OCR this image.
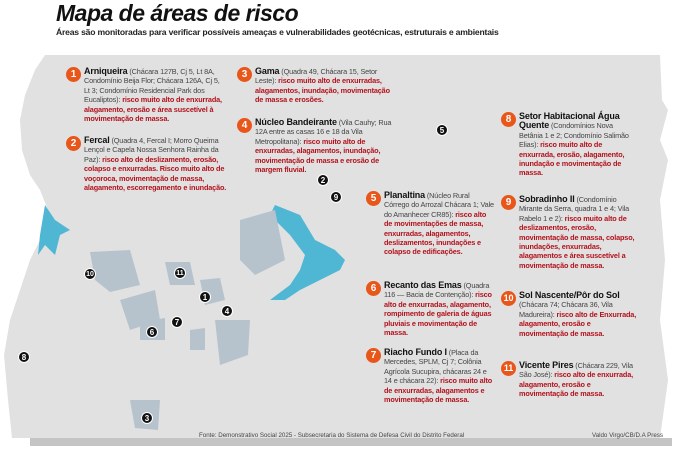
Mapa de áreas de risco
Áreas são monitoradas para verificar possíveis ameaças e vulnerabilidades geotécnicas, estruturais e ambientais
1
2
3
4
5
6
7
8
9
10	11
1 Arniqueira (Chácara 127B, Cj 5, Lt 8A, Condomínio Beija Flor; Chácara 126A, Cj 5, Lt 3; Condomínio Residencial Park dos Eucaliptos): risco muito alto de enxurrada, alagamento, erosão e área suscetível à movimentação de massa.
2 Fercal (Quadra 4, Fercal I; Morro Queima Lençol e Capela Nossa Senhora Rainha da Paz): risco alto de deslizamento, erosão, colapso e enxurradas. Risco muito alto de voçoroca, movimentação de massa, alagamento, escorregamento e inundação.
3 Gama (Quadra 49, Chácara 15, Setor Leste): risco muito alto de enxurradas, alagamentos, inundação, movimentação de massa e erosões.
4 Núcleo Bandeirante (Vila Cauhy; Rua 12A entre as casas 16 e 18 da Vila Metropolitana): risco muito alto de enxurradas, alagamentos, inundação, movimentação de massa e erosão de margem fluvial.
5 Planaltina (Núcleo Rural Córrego do Arrozal Chácara 1; Vale do Amanhecer CR85): risco alto de movimentações de massa, enxurradas, alagamentos, deslizamentos, inundações e colapso de edificações.
6 Recanto das Emas (Quadra 116 — Bacia de Contenção): risco alto de enxurradas, alagamento, rompimento de galeria de águas pluviais e movimentação de massa.
7 Riacho Fundo I (Placa da Mercedes, SPLM, Cj 7; Colônia Agrícola Sucupira, chácaras 24 e 14 e chácara 22): risco muito alto de enxurradas, alagamentos e movimentação de massa.
8 Setor Habitacional Água Quente (Condomínios Nova Betânia 1 e 2; Condomínio Salimão Elias): risco muito alto de enxurrada, erosão, alagamento, inundação e movimentação de massa.
9 Sobradinho II (Condomínio Mirante da Serra, quadra 1 e 4; Vila Rabelo 1 e 2): risco muito alto de deslizamentos, erosão, movimentação de massa, colapso, inundações, enxurradas, alagamentos e área suscetível a movimentação de massa.
10 Sol Nascente/Pôr do Sol (Chácara 74; Chácara 36, Vila Madureira): risco alto de Enxurrada, alagamento, erosão e movimentação de massa.
11 Vicente Pires (Chácara 229, Vila São José): risco alto de enxurrada, alagamento, erosão e movimentação de massa.
Fonte: Demonstrativo Social 2025 - Subsecretaria do Sistema de Defesa Civil do Distrito Federal	Valdo Virgo/CB/D.A Press
